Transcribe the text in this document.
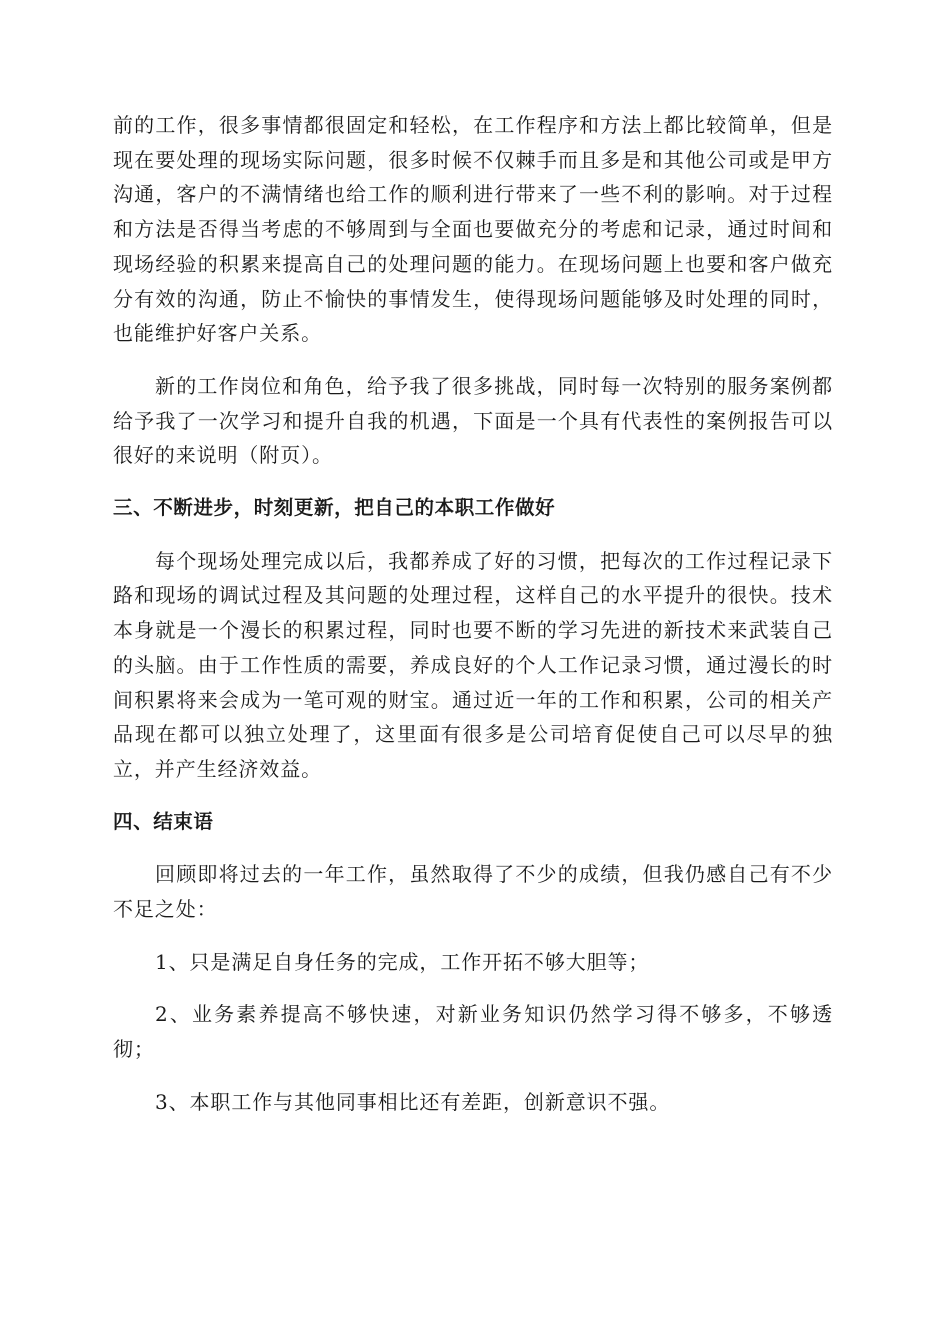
前的工作，很多事情都很固定和轻松，在工作程序和方法上都比较简单，但是现在要处理的现场实际问题，很多时候不仅棘手而且多是和其他公司或是甲方沟通，客户的不满情绪也给工作的顺利进行带来了一些不利的影响。对于过程和方法是否得当考虑的不够周到与全面也要做充分的考虑和记录，通过时间和现场经验的积累来提高自己的处理问题的能力。在现场问题上也要和客户做充分有效的沟通，防止不愉快的事情发生，使得现场问题能够及时处理的同时，也能维护好客户关系。

新的工作岗位和角色，给予我了很多挑战，同时每一次特别的服务案例都给予我了一次学习和提升自我的机遇，下面是一个具有代表性的案例报告可以很好的来说明（附页）。

三、不断进步，时刻更新，把自己的本职工作做好

每个现场处理完成以后，我都养成了好的习惯，把每次的工作过程记录下路和现场的调试过程及其问题的处理过程，这样自己的水平提升的很快。技术本身就是一个漫长的积累过程，同时也要不断的学习先进的新技术来武装自己的头脑。由于工作性质的需要，养成良好的个人工作记录习惯，通过漫长的时间积累将来会成为一笔可观的财宝。通过近一年的工作和积累，公司的相关产品现在都可以独立处理了，这里面有很多是公司培育促使自己可以尽早的独立，并产生经济效益。

四、结束语

回顾即将过去的一年工作，虽然取得了不少的成绩，但我仍感自己有不少不足之处：

1、只是满足自身任务的完成，工作开拓不够大胆等；

2、业务素养提高不够快速，对新业务知识仍然学习得不够多，不够透彻；

3、本职工作与其他同事相比还有差距，创新意识不强。
